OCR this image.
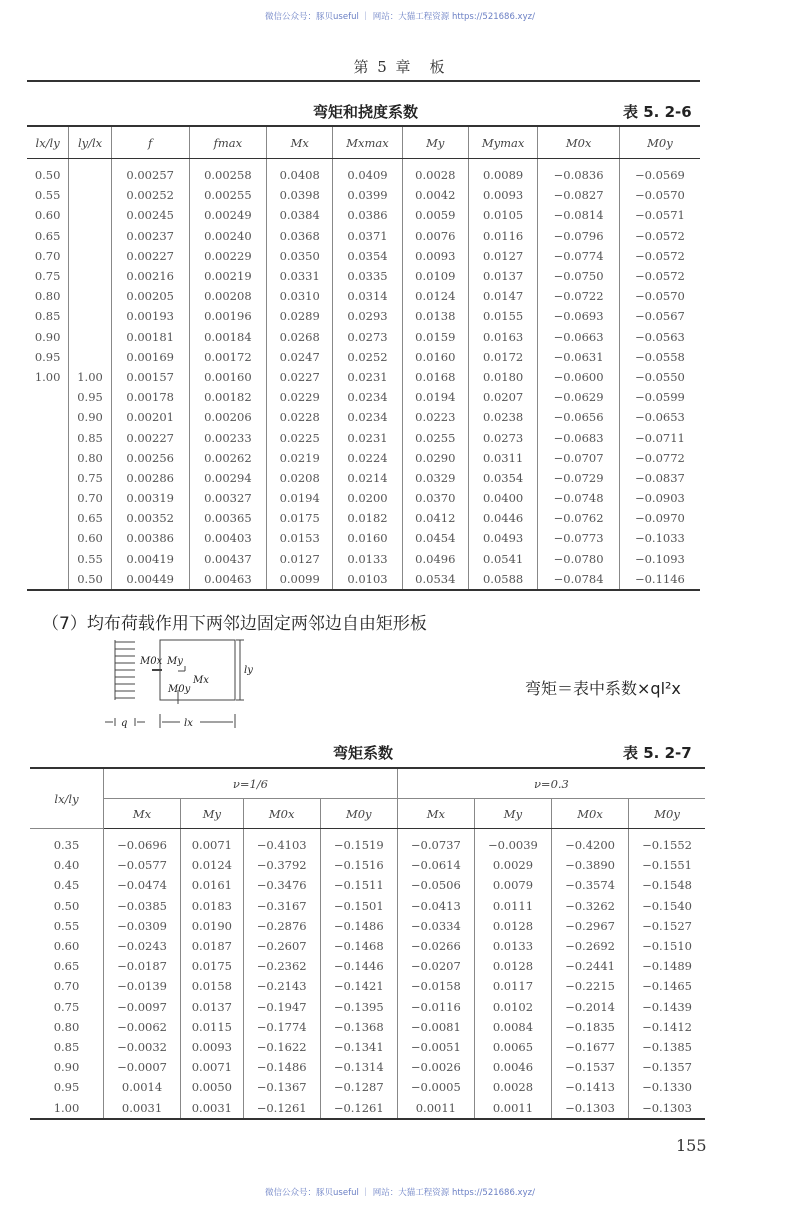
微信公众号：豚贝useful ｜ 网站：大猫工程资源 https://521686.xyz/
第 5 章　板
弯矩和挠度系数	表 5. 2-6
lx/ly	ly/lx	f	fmax	Mx	Mxmax	My	Mymax	M0x	M0y
0.50		0.00257	0.00258	0.0408	0.0409	0.0028	0.0089	−0.0836	−0.0569
0.55		0.00252	0.00255	0.0398	0.0399	0.0042	0.0093	−0.0827	−0.0570
0.60		0.00245	0.00249	0.0384	0.0386	0.0059	0.0105	−0.0814	−0.0571
0.65		0.00237	0.00240	0.0368	0.0371	0.0076	0.0116	−0.0796	−0.0572
0.70		0.00227	0.00229	0.0350	0.0354	0.0093	0.0127	−0.0774	−0.0572
0.75		0.00216	0.00219	0.0331	0.0335	0.0109	0.0137	−0.0750	−0.0572
0.80		0.00205	0.00208	0.0310	0.0314	0.0124	0.0147	−0.0722	−0.0570
0.85		0.00193	0.00196	0.0289	0.0293	0.0138	0.0155	−0.0693	−0.0567
0.90		0.00181	0.00184	0.0268	0.0273	0.0159	0.0163	−0.0663	−0.0563
0.95		0.00169	0.00172	0.0247	0.0252	0.0160	0.0172	−0.0631	−0.0558
1.00	1.00	0.00157	0.00160	0.0227	0.0231	0.0168	0.0180	−0.0600	−0.0550
	0.95	0.00178	0.00182	0.0229	0.0234	0.0194	0.0207	−0.0629	−0.0599
	0.90	0.00201	0.00206	0.0228	0.0234	0.0223	0.0238	−0.0656	−0.0653
	0.85	0.00227	0.00233	0.0225	0.0231	0.0255	0.0273	−0.0683	−0.0711
	0.80	0.00256	0.00262	0.0219	0.0224	0.0290	0.0311	−0.0707	−0.0772
	0.75	0.00286	0.00294	0.0208	0.0214	0.0329	0.0354	−0.0729	−0.0837
	0.70	0.00319	0.00327	0.0194	0.0200	0.0370	0.0400	−0.0748	−0.0903
	0.65	0.00352	0.00365	0.0175	0.0182	0.0412	0.0446	−0.0762	−0.0970
	0.60	0.00386	0.00403	0.0153	0.0160	0.0454	0.0493	−0.0773	−0.1033
	0.55	0.00419	0.00437	0.0127	0.0133	0.0496	0.0541	−0.0780	−0.1093
	0.50	0.00449	0.00463	0.0099	0.0103	0.0534	0.0588	−0.0784	−0.1146
（7）均布荷载作用下两邻边固定两邻边自由矩形板
M0x My
Mx
M0y
ly
q	lx
弯矩＝表中系数×ql²x
弯矩系数	表 5. 2-7
lx/ly	ν=1/6				ν=0.3			
	Mx	My	M0x	M0y	Mx	My	M0x	M0y
0.35	−0.0696	0.0071	−0.4103	−0.1519	−0.0737	−0.0039	−0.4200	−0.1552
0.40	−0.0577	0.0124	−0.3792	−0.1516	−0.0614	0.0029	−0.3890	−0.1551
0.45	−0.0474	0.0161	−0.3476	−0.1511	−0.0506	0.0079	−0.3574	−0.1548
0.50	−0.0385	0.0183	−0.3167	−0.1501	−0.0413	0.0111	−0.3262	−0.1540
0.55	−0.0309	0.0190	−0.2876	−0.1486	−0.0334	0.0128	−0.2967	−0.1527
0.60	−0.0243	0.0187	−0.2607	−0.1468	−0.0266	0.0133	−0.2692	−0.1510
0.65	−0.0187	0.0175	−0.2362	−0.1446	−0.0207	0.0128	−0.2441	−0.1489
0.70	−0.0139	0.0158	−0.2143	−0.1421	−0.0158	0.0117	−0.2215	−0.1465
0.75	−0.0097	0.0137	−0.1947	−0.1395	−0.0116	0.0102	−0.2014	−0.1439
0.80	−0.0062	0.0115	−0.1774	−0.1368	−0.0081	0.0084	−0.1835	−0.1412
0.85	−0.0032	0.0093	−0.1622	−0.1341	−0.0051	0.0065	−0.1677	−0.1385
0.90	−0.0007	0.0071	−0.1486	−0.1314	−0.0026	0.0046	−0.1537	−0.1357
0.95	0.0014	0.0050	−0.1367	−0.1287	−0.0005	0.0028	−0.1413	−0.1330
1.00	0.0031	0.0031	−0.1261	−0.1261	0.0011	0.0011	−0.1303	−0.1303
155
微信公众号：豚贝useful ｜ 网站：大猫工程资源 https://521686.xyz/
